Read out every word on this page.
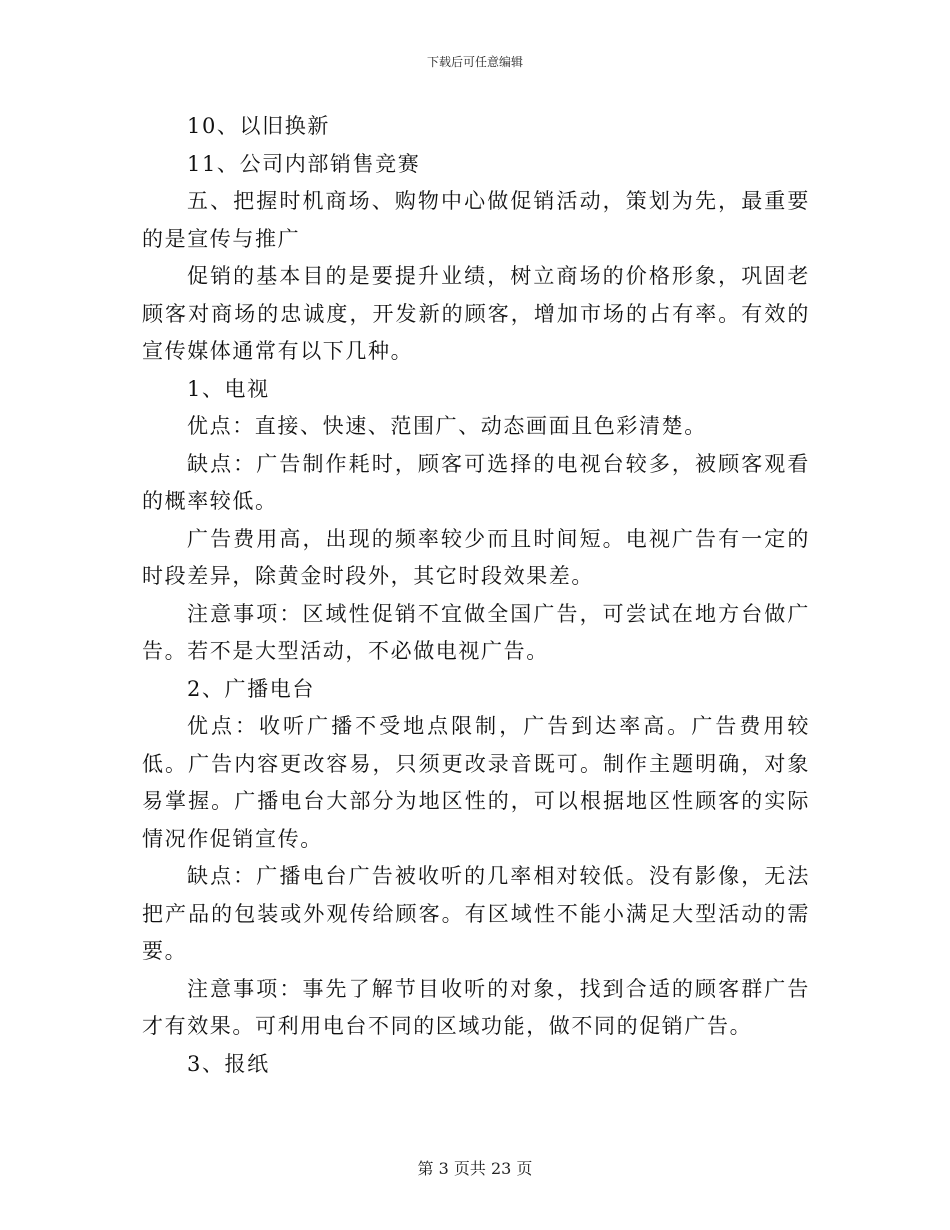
下载后可任意编辑

10、以旧换新

11、公司内部销售竞赛

五、把握时机商场、购物中心做促销活动，策划为先，最重要的是宣传与推广

促销的基本目的是要提升业绩，树立商场的价格形象，巩固老顾客对商场的忠诚度，开发新的顾客，增加市场的占有率。有效的宣传媒体通常有以下几种。

1、电视

优点：直接、快速、范围广、动态画面且色彩清楚。

缺点：广告制作耗时，顾客可选择的电视台较多，被顾客观看的概率较低。

广告费用高，出现的频率较少而且时间短。电视广告有一定的时段差异，除黄金时段外，其它时段效果差。

注意事项：区域性促销不宜做全国广告，可尝试在地方台做广告。若不是大型活动，不必做电视广告。

2、广播电台

优点：收听广播不受地点限制，广告到达率高。广告费用较低。广告内容更改容易，只须更改录音既可。制作主题明确，对象易掌握。广播电台大部分为地区性的，可以根据地区性顾客的实际情况作促销宣传。

缺点：广播电台广告被收听的几率相对较低。没有影像，无法把产品的包装或外观传给顾客。有区域性不能小满足大型活动的需要。

注意事项：事先了解节目收听的对象，找到合适的顾客群广告才有效果。可利用电台不同的区域功能，做不同的促销广告。

3、报纸

第 3 页共 23 页
